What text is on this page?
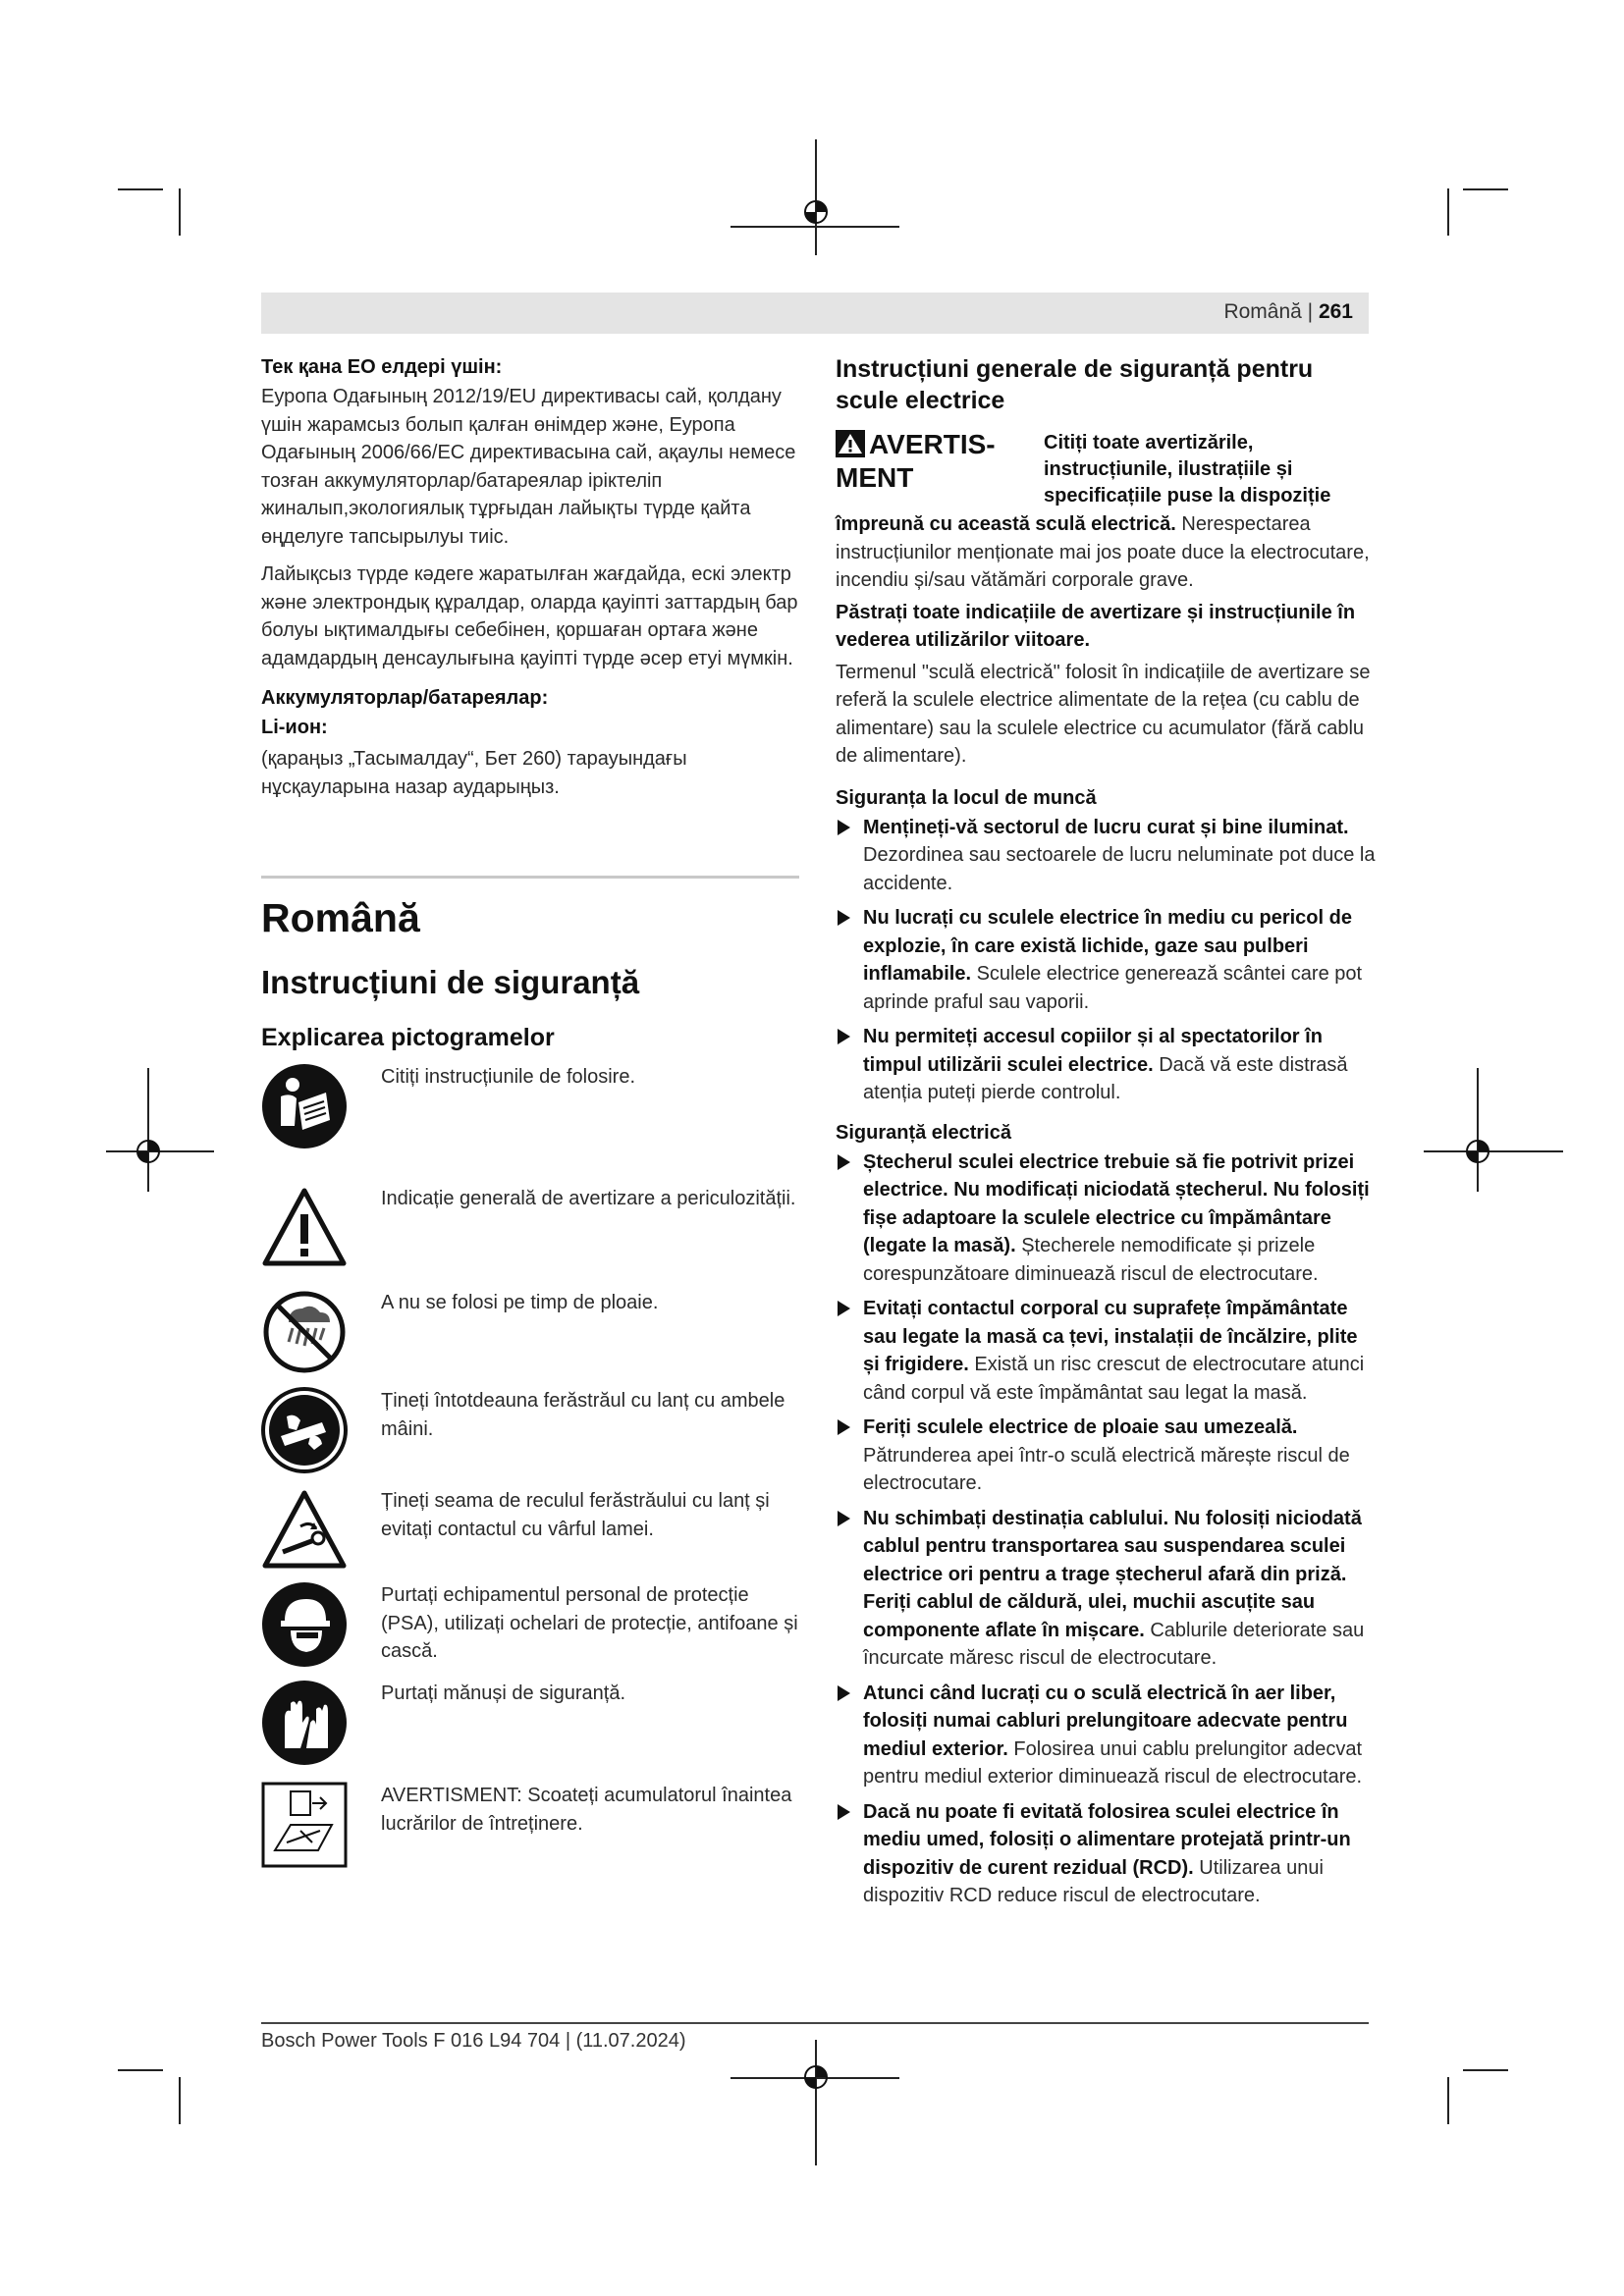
Română | 261

Тек қана ЕО елдері үшін:

Еуропа Одағының 2012/19/EU директивасы сай, қолдану үшін жарамсыз болып қалған өнімдер және, Еуропа Одағының 2006/66/EC директивасына сай, ақаулы немесе тозған аккумуляторлар/батареялар іріктеліп жиналып,экологиялық тұрғыдан лайықты түрде қайта өңделуге тапсырылуы тиіс.

Лайықсыз түрде кәдеге жаратылған жағдайда, ескі электр және электрондық құралдар, оларда қауіпті заттардың бар болуы ықтималдығы себебінен, қоршаған ортаға және адамдардың денсаулығына қауіпті түрде әсер етуі мүмкін.

Аккумуляторлар/батареялар:

Li-ион:

(қараңыз „Тасымалдау“, Бет 260) тарауындағы нұсқауларына назар аударыңыз.

Română

Instrucțiuni de siguranță

Explicarea pictogramelor

Citiți instrucțiunile de folosire.

Indicație generală de avertizare a periculozității.

A nu se folosi pe timp de ploaie.

Țineți întotdeauna ferăstrăul cu lanț cu ambele mâini.

Țineți seama de reculul ferăstrăului cu lanț și evitați contactul cu vârful lamei.

Purtați echipamentul personal de protecție (PSA), utilizați ochelari de protecție, antifoane și cască.

Purtați mănuși de siguranță.

AVERTISMENT: Scoateți acumulatorul înaintea lucrărilor de întreținere.

Instrucțiuni generale de siguranță pentru scule electrice

AVERTIS-
MENT

Citiți toate avertizările,

instrucțiunile, ilustrațiile și

specificațiile puse la dispoziție

împreună cu această sculă electrică. Nerespectarea instrucțiunilor menționate mai jos poate duce la electrocutare, incendiu și/sau vătămări corporale grave.

Păstrați toate indicațiile de avertizare și instrucțiunile în vederea utilizărilor viitoare.

Termenul "sculă electrică" folosit în indicațiile de avertizare se referă la sculele electrice alimentate de la rețea (cu cablu de alimentare) sau la sculele electrice cu acumulator (fără cablu de alimentare).

Siguranța la locul de muncă

Mențineți-vă sectorul de lucru curat și bine iluminat. Dezordinea sau sectoarele de lucru neluminate pot duce la accidente.
Nu lucrați cu sculele electrice în mediu cu pericol de explozie, în care există lichide, gaze sau pulberi inflamabile. Sculele electrice generează scântei care pot aprinde praful sau vaporii.
Nu permiteți accesul copiilor și al spectatorilor în timpul utilizării sculei electrice. Dacă vă este distrasă atenția puteți pierde controlul.

Siguranță electrică

Ștecherul sculei electrice trebuie să fie potrivit prizei electrice. Nu modificați niciodată ștecherul. Nu folosiți fișe adaptoare la sculele electrice cu împământare (legate la masă). Ștecherele nemodificate și prizele corespunzătoare diminuează riscul de electrocutare.
Evitați contactul corporal cu suprafețe împământate sau legate la masă ca țevi, instalații de încălzire, plite și frigidere. Există un risc crescut de electrocutare atunci când corpul vă este împământat sau legat la masă.
Feriți sculele electrice de ploaie sau umezeală. Pătrunderea apei într-o sculă electrică mărește riscul de electrocutare.
Nu schimbați destinația cablului. Nu folosiți niciodată cablul pentru transportarea sau suspendarea sculei electrice ori pentru a trage ștecherul afară din priză. Feriți cablul de căldură, ulei, muchii ascuțite sau componente aflate în mișcare. Cablurile deteriorate sau încurcate măresc riscul de electrocutare.
Atunci când lucrați cu o sculă electrică în aer liber, folosiți numai cabluri prelungitoare adecvate pentru mediul exterior. Folosirea unui cablu prelungitor adecvat pentru mediul exterior diminuează riscul de electrocutare.
Dacă nu poate fi evitată folosirea sculei electrice în mediu umed, folosiți o alimentare protejată printr-un dispozitiv de curent rezidual (RCD). Utilizarea unui dispozitiv RCD reduce riscul de electrocutare.
Bosch Power Tools F 016 L94 704 | (11.07.2024)
